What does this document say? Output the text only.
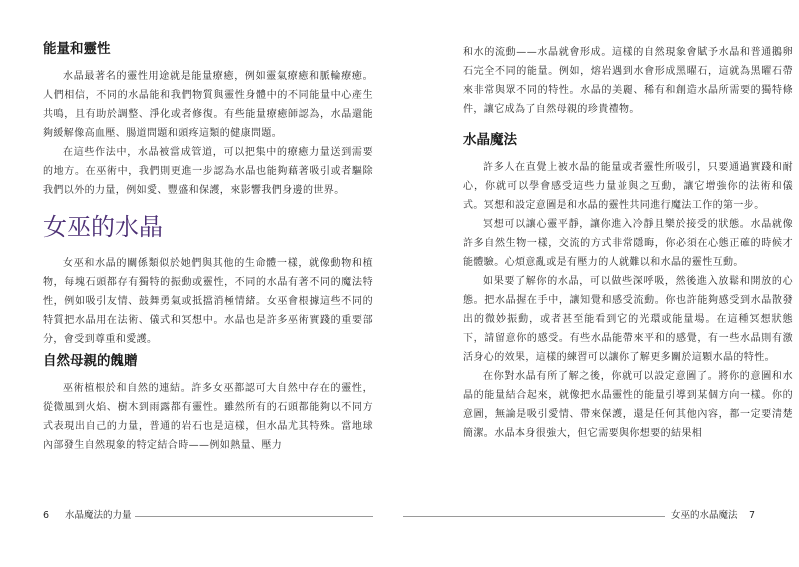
能量和靈性

水晶最著名的靈性用途就是能量療癒，例如靈氣療癒和脈輪療癒。人們相信，不同的水晶能和我們物質與靈性身體中的不同能量中心產生共鳴，且有助於調整、淨化或者修復。有些能量療癒師認為，水晶還能夠緩解像高血壓、腸道問題和頭疼這類的健康問題。

在這些作法中，水晶被當成管道，可以把集中的療癒力量送到需要的地方。在巫術中，我們則更進一步認為水晶也能夠藉著吸引或者驅除我們以外的力量，例如愛、豐盛和保護，來影響我們身邊的世界。

女巫的水晶

女巫和水晶的關係類似於她們與其他的生命體一樣，就像動物和植物，每塊石頭都存有獨特的振動或靈性，不同的水晶有著不同的魔法特性，例如吸引友情、鼓舞勇氣或抵擋消極情緒。女巫會根據這些不同的特質把水晶用在法術、儀式和冥想中。水晶也是許多巫術實踐的重要部分，會受到尊重和愛護。

自然母親的餽贈

巫術植根於和自然的連結。許多女巫都認可大自然中存在的靈性，從微風到火焰、樹木到雨露都有靈性。雖然所有的石頭都能夠以不同方式表現出自己的力量，普通的岩石也是這樣，但水晶尤其特殊。當地球內部發生自然現象的特定結合時——例如熱量、壓力

和水的流動——水晶就會形成。這樣的自然現象會賦予水晶和普通鵝卵石完全不同的能量。例如，熔岩遇到水會形成黑曜石，這就為黑曜石帶來非常與眾不同的特性。水晶的美麗、稀有和創造水晶所需要的獨特條件，讓它成為了自然母親的珍貴禮物。

水晶魔法

許多人在直覺上被水晶的能量或者靈性所吸引，只要通過實踐和耐心，你就可以學會感受這些力量並與之互動，讓它增強你的法術和儀式。冥想和設定意圖是和水晶的靈性共同進行魔法工作的第一步。

冥想可以讓心靈平靜，讓你進入冷靜且樂於接受的狀態。水晶就像許多自然生物一樣，交流的方式非常隱晦，你必須在心態正確的時候才能體驗。心煩意亂或是有壓力的人就難以和水晶的靈性互動。

如果要了解你的水晶，可以做些深呼吸，然後進入放鬆和開放的心態。把水晶握在手中，讓知覺和感受流動。你也許能夠感受到水晶散發出的微妙振動，或者甚至能看到它的光環或能量場。在這種冥想狀態下，請留意你的感受。有些水晶能帶來平和的感覺，有一些水晶則有激活身心的效果，這樣的練習可以讓你了解更多關於這顆水晶的特性。

在你對水晶有所了解之後，你就可以設定意圖了。將你的意圖和水晶的能量結合起來，就像把水晶靈性的能量引導到某個方向一樣。你的意圖，無論是吸引愛情、帶來保護，還是任何其他內容，都一定要清楚簡潔。水晶本身很強大，但它需要與你想要的結果相

6 水晶魔法的力量	女巫的水晶魔法 7
